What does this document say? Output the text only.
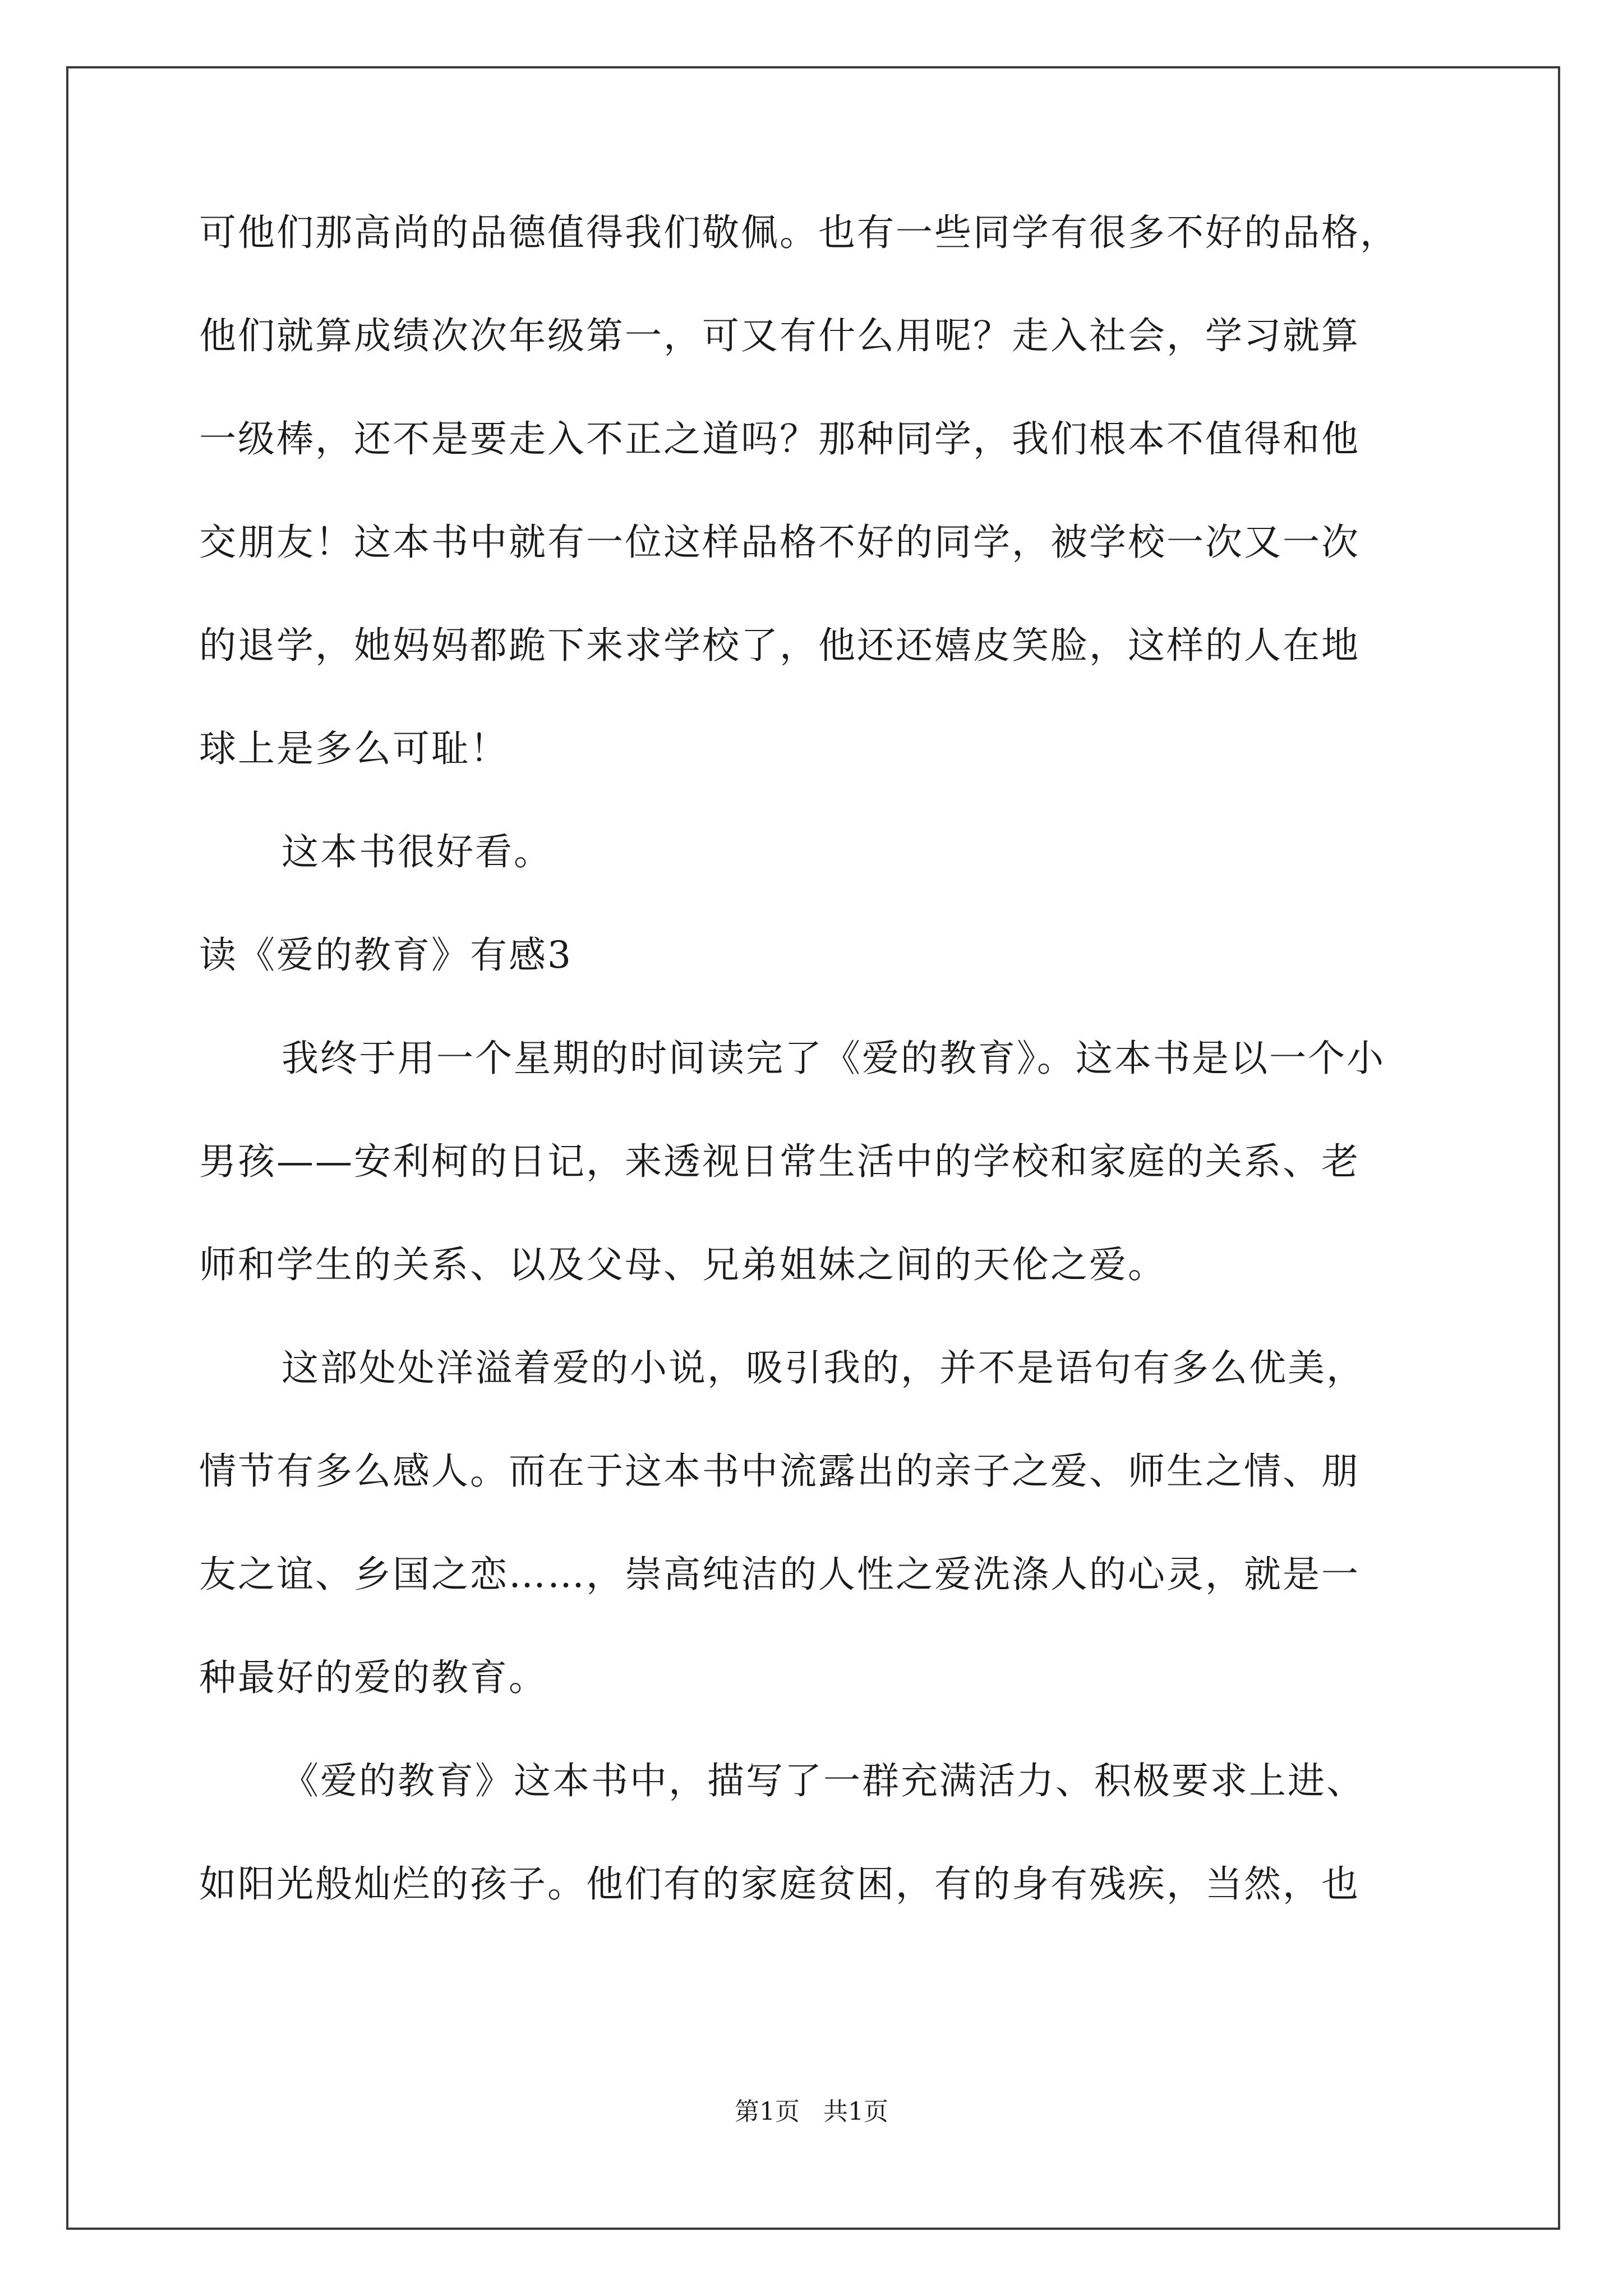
可他们那高尚的品德值得我们敬佩。也有一些同学有很多不好的品格，
他们就算成绩次次年级第一，可又有什么用呢？走入社会，学习就算
一级棒，还不是要走入不正之道吗？那种同学，我们根本不值得和他
交朋友！这本书中就有一位这样品格不好的同学，被学校一次又一次
的退学，她妈妈都跪下来求学校了，他还还嬉皮笑脸，这样的人在地
球上是多么可耻！
这本书很好看。
读《爱的教育》有感3
我终于用一个星期的时间读完了《爱的教育》。这本书是以一个小
男孩——安利柯的日记，来透视日常生活中的学校和家庭的关系、老
师和学生的关系、以及父母、兄弟姐妹之间的天伦之爱。
这部处处洋溢着爱的小说，吸引我的，并不是语句有多么优美，
情节有多么感人。而在于这本书中流露出的亲子之爱、师生之情、朋
友之谊、乡国之恋……，崇高纯洁的人性之爱洗涤人的心灵，就是一
种最好的爱的教育。
《爱的教育》这本书中，描写了一群充满活力、积极要求上进、
如阳光般灿烂的孩子。他们有的家庭贫困，有的身有残疾，当然，也
第1页   共1页
